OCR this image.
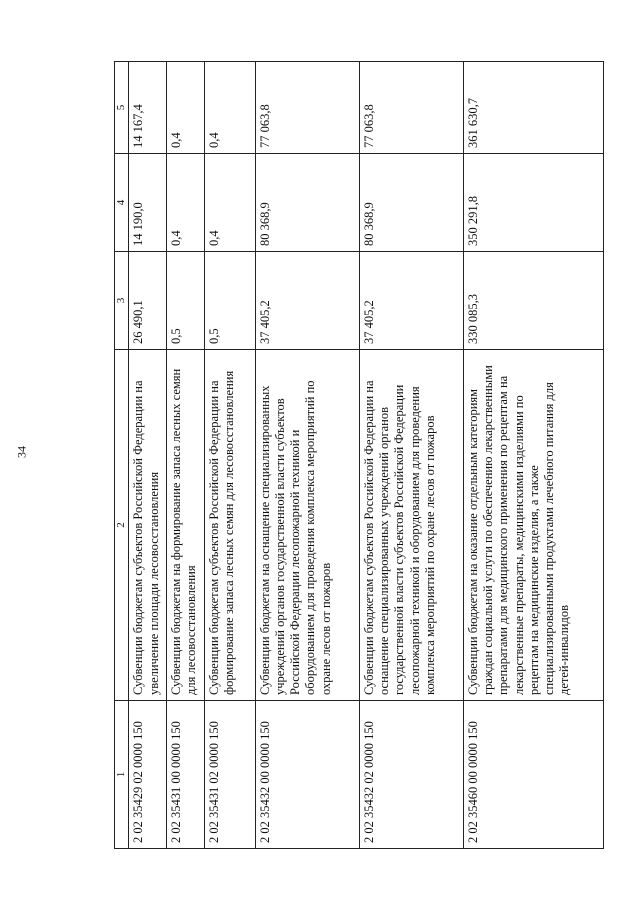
34
1	2	3	4	5
2 02 35429 02 0000 150	Субвенции бюджетам субъектов Российской Федерации на увеличение площади лесовосстановления	26 490,1	14 190,0	14 167,4
2 02 35431 00 0000 150	Субвенции бюджетам на формирование запаса лесных семян для лесовосстановления	0,5	0,4	0,4
2 02 35431 02 0000 150	Субвенции бюджетам субъектов Российской Федерации на формирование запаса лесных семян для лесовосстановления	0,5	0,4	0,4
2 02 35432 00 0000 150	Субвенции бюджетам на оснащение специализированных учреждений органов государственной власти субъектов Российской Федерации лесопожарной техникой и оборудованием для проведения комплекса мероприятий по охране лесов от пожаров	37 405,2	80 368,9	77 063,8
2 02 35432 02 0000 150	Субвенции бюджетам субъектов Российской Федерации на оснащение специализированных учреждений органов государственной власти субъектов Российской Федерации лесопожарной техникой и оборудованием для проведения комплекса мероприятий по охране лесов от пожаров	37 405,2	80 368,9	77 063,8
2 02 35460 00 0000 150	Субвенции бюджетам на оказание отдельным категориям граждан социальной услуги по обеспечению лекарственными препаратами для медицинского применения по рецептам на лекарственные препараты, медицинскими изделиями по рецептам на медицинские изделия, а также специализированными продуктами лечебного питания для детей-инвалидов	330 085,3	350 291,8	361 630,7
